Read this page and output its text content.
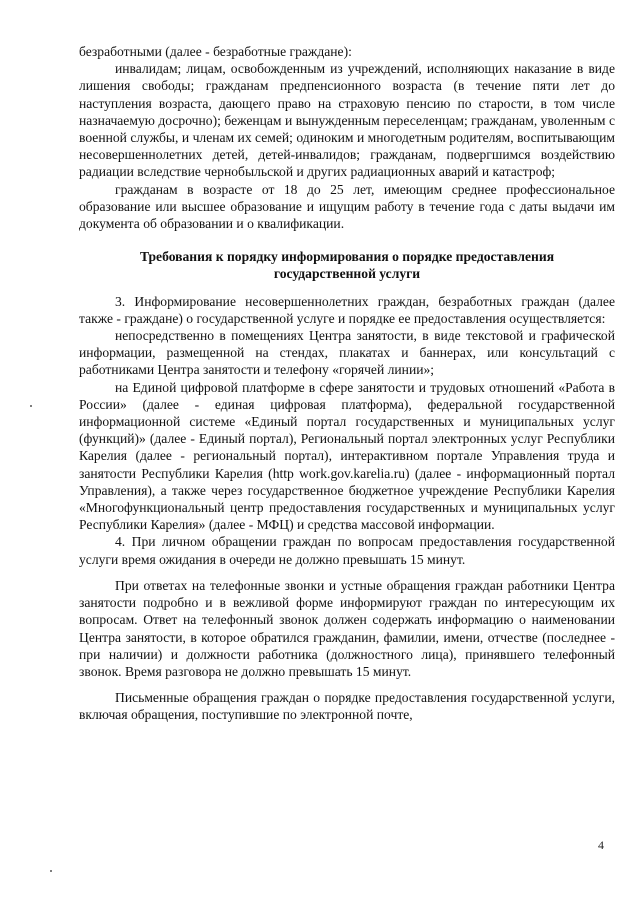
безработными (далее - безработные граждане):

инвалидам; лицам, освобожденным из учреждений, исполняющих наказание в виде лишения свободы; гражданам предпенсионного возраста (в течение пяти лет до наступления возраста, дающего право на страховую пенсию по старости, в том числе назначаемую досрочно); беженцам и вынужденным переселенцам; гражданам, уволенным с военной службы, и членам их семей; одиноким и многодетным родителям, воспитывающим несовершеннолетних детей, детей-инвалидов; гражданам, подвергшимся воздействию радиации вследствие чернобыльской и других радиационных аварий и катастроф;

гражданам в возрасте от 18 до 25 лет, имеющим среднее профессиональное образование или высшее образование и ищущим работу в течение года с даты выдачи им документа об образовании и о квалификации.

Требования к порядку информирования о порядке предоставления государственной услуги

3. Информирование несовершеннолетних граждан, безработных граждан (далее также - граждане) о государственной услуге и порядке ее предоставления осуществляется:

непосредственно в помещениях Центра занятости, в виде текстовой и графической информации, размещенной на стендах, плакатах и баннерах, или консультаций с работниками Центра занятости и телефону «горячей линии»;

на Единой цифровой платформе в сфере занятости и трудовых отношений «Работа в России» (далее - единая цифровая платформа), федеральной государственной информационной системе «Единый портал государственных и муниципальных услуг (функций)» (далее - Единый портал), Региональный портал электронных услуг Республики Карелия (далее - региональный портал), интерактивном портале Управления труда и занятости Республики Карелия (http work.gov.karelia.ru) (далее - информационный портал Управления), а также через государственное бюджетное учреждение Республики Карелия «Многофункциональный центр предоставления государственных и муниципальных услуг Республики Карелия» (далее - МФЦ) и средства массовой информации.

4. При личном обращении граждан по вопросам предоставления государственной услуги время ожидания в очереди не должно превышать 15 минут.

При ответах на телефонные звонки и устные обращения граждан работники Центра занятости подробно и в вежливой форме информируют граждан по интересующим их вопросам. Ответ на телефонный звонок должен содержать информацию о наименовании Центра занятости, в которое обратился гражданин, фамилии, имени, отчестве (последнее - при наличии) и должности работника (должностного лица), принявшего телефонный звонок. Время разговора не должно превышать 15 минут.

Письменные обращения граждан о порядке предоставления государственной услуги, включая обращения, поступившие по электронной почте,

4
